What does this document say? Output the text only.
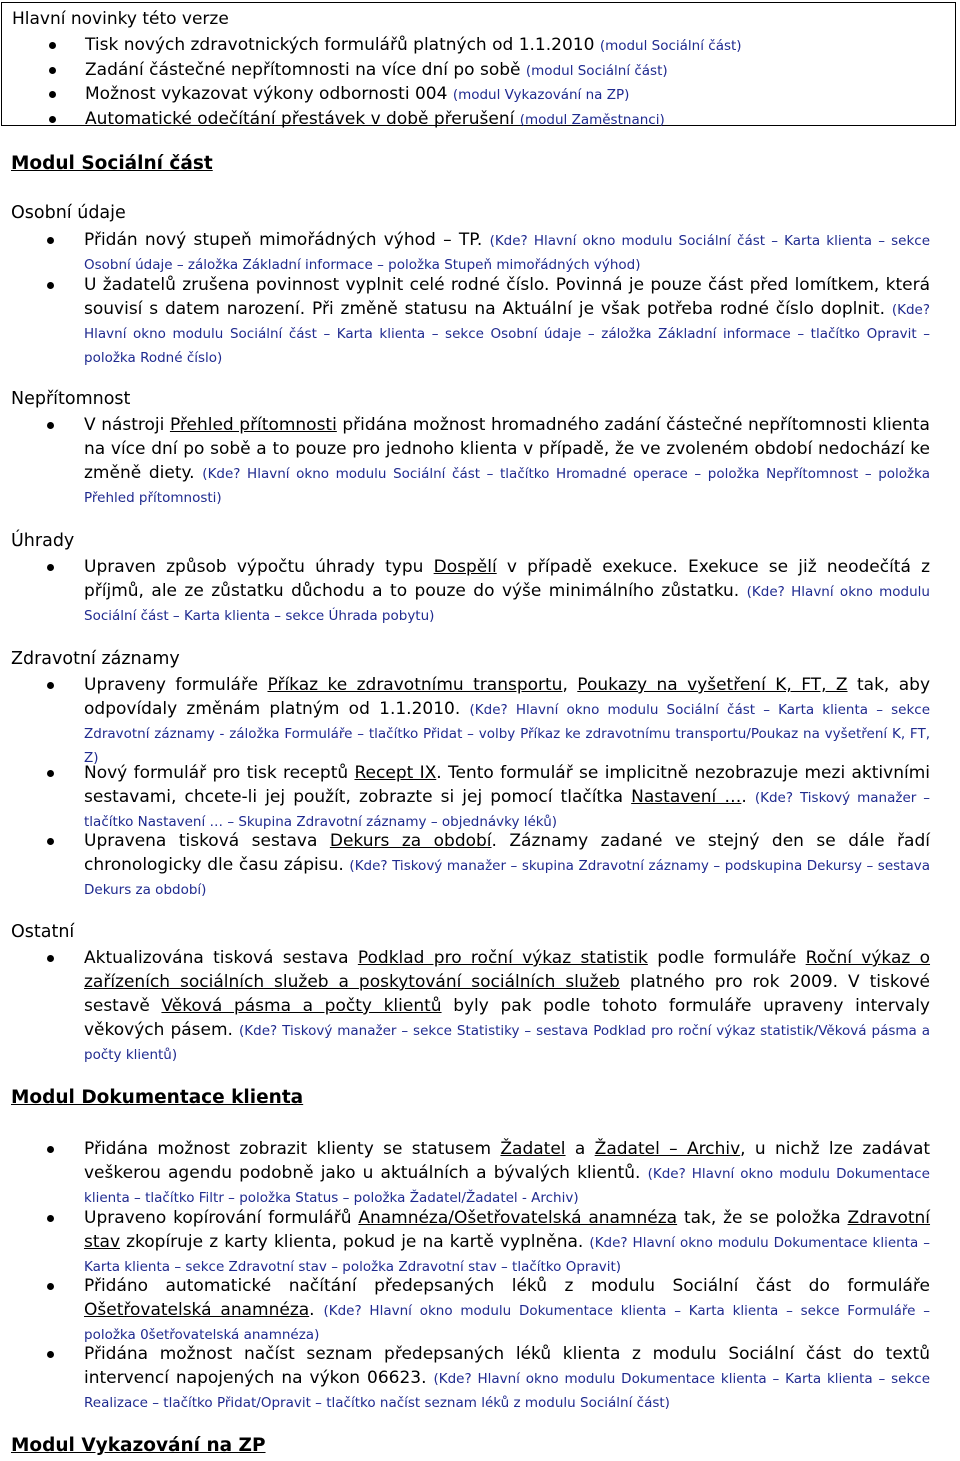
Hlavní novinky této verze
Tisk nových zdravotnických formulářů platných od 1.1.2010 (modul Sociální část)
Zadání částečné nepřítomnosti na více dní po sobě (modul Sociální část)
Možnost vykazovat výkony odbornosti 004 (modul Vykazování na ZP)
Automatické odečítání přestávek v době přerušení (modul Zaměstnanci)
Modul Sociální část
Osobní údaje
Přidán nový stupeň mimořádných výhod – TP. (Kde? Hlavní okno modulu Sociální část – Karta klienta – sekce Osobní údaje – záložka Základní informace – položka Stupeň mimořádných výhod)
U žadatelů zrušena povinnost vyplnit celé rodné číslo. Povinná je pouze část před lomítkem, která souvisí s datem narození. Při změně statusu na Aktuální je však potřeba rodné číslo doplnit. (Kde? Hlavní okno modulu Sociální část – Karta klienta – sekce Osobní údaje – záložka Základní informace – tlačítko Opravit – položka Rodné číslo)
Nepřítomnost
V nástroji Přehled přítomnosti přidána možnost hromadného zadání částečné nepřítomnosti klienta na více dní po sobě a to pouze pro jednoho klienta v případě, že ve zvoleném období nedochází ke změně diety. (Kde? Hlavní okno modulu Sociální část – tlačítko Hromadné operace – položka Nepřítomnost – položka Přehled přítomnosti)
Úhrady
Upraven způsob výpočtu úhrady typu Dospělí v případě exekuce. Exekuce se již neodečítá z příjmů, ale ze zůstatku důchodu a to pouze do výše minimálního zůstatku. (Kde? Hlavní okno modulu Sociální část – Karta klienta – sekce Úhrada pobytu)
Zdravotní záznamy
Upraveny formuláře Příkaz ke zdravotnímu transportu, Poukazy na vyšetření K, FT, Z tak, aby odpovídaly změnám platným od 1.1.2010. (Kde? Hlavní okno modulu Sociální část – Karta klienta – sekce Zdravotní záznamy - záložka Formuláře – tlačítko Přidat – volby Příkaz ke zdravotnímu transportu/Poukaz na vyšetření K, FT, Z)
Nový formulář pro tisk receptů Recept IX. Tento formulář se implicitně nezobrazuje mezi aktivními sestavami, chcete-li jej použít, zobrazte si jej pomocí tlačítka Nastavení …. (Kde? Tiskový manažer – tlačítko Nastavení … – Skupina Zdravotní záznamy – objednávky léků)
Upravena tisková sestava Dekurs za období. Záznamy zadané ve stejný den se dále řadí chronologicky dle času zápisu. (Kde? Tiskový manažer – skupina Zdravotní záznamy – podskupina Dekursy – sestava Dekurs za období)
Ostatní
Aktualizována tisková sestava Podklad pro roční výkaz statistik podle formuláře Roční výkaz o zařízeních sociálních služeb a poskytování sociálních služeb platného pro rok 2009. V tiskové sestavě Věková pásma a počty klientů byly pak podle tohoto formuláře upraveny intervaly věkových pásem. (Kde? Tiskový manažer – sekce Statistiky – sestava Podklad pro roční výkaz statistik/Věková pásma a počty klientů)
Modul Dokumentace klienta
Přidána možnost zobrazit klienty se statusem Žadatel a Žadatel – Archiv, u nichž lze zadávat veškerou agendu podobně jako u aktuálních a bývalých klientů. (Kde? Hlavní okno modulu Dokumentace klienta – tlačítko Filtr – položka Status – položka Žadatel/Žadatel - Archiv)
Upraveno kopírování formulářů Anamnéza/Ošetřovatelská anamnéza tak, že se položka Zdravotní stav zkopíruje z karty klienta, pokud je na kartě vyplněna. (Kde? Hlavní okno modulu Dokumentace klienta – Karta klienta – sekce Zdravotní stav – položka Zdravotní stav – tlačítko Opravit)
Přidáno automatické načítání předepsaných léků z modulu Sociální část do formuláře Ošetřovatelská anamnéza. (Kde? Hlavní okno modulu Dokumentace klienta – Karta klienta – sekce Formuláře – položka 0šetřovatelská anamnéza)
Přidána možnost načíst seznam předepsaných léků klienta z modulu Sociální část do textů intervencí napojených na výkon 06623. (Kde? Hlavní okno modulu Dokumentace klienta – Karta klienta – sekce Realizace – tlačítko Přidat/Opravit – tlačítko načíst seznam léků z modulu Sociální část)
Modul Vykazování na ZP
